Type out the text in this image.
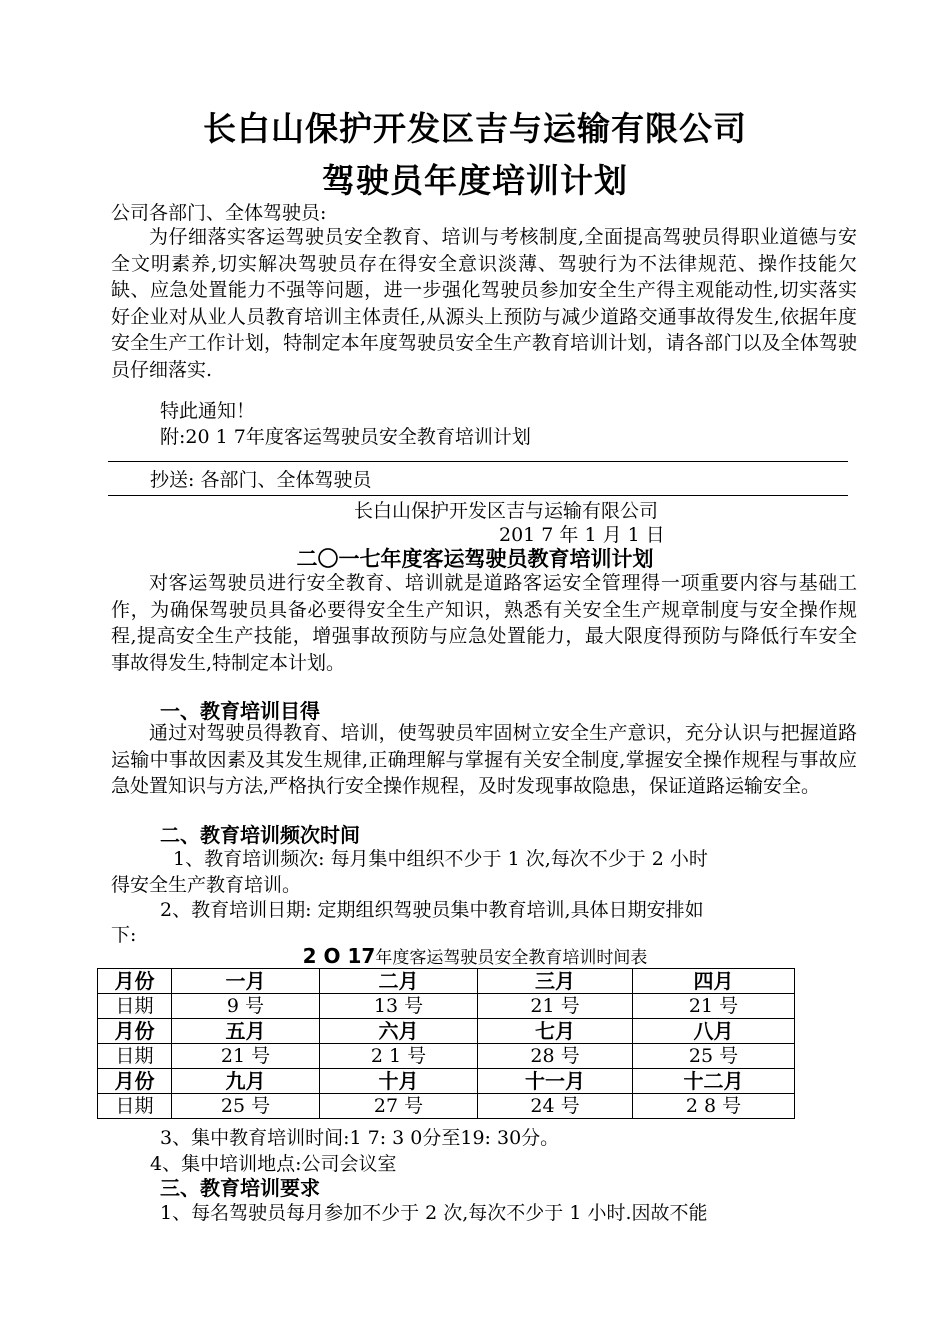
长白山保护开发区吉与运输有限公司
驾驶员年度培训计划
公司各部门、全体驾驶员:
为仔细落实客运驾驶员安全教育、培训与考核制度,全面提高驾驶员得职业道德与安全文明素养,切实解决驾驶员存在得安全意识淡薄、驾驶行为不法律规范、操作技能欠缺、应急处置能力不强等问题，进一步强化驾驶员参加安全生产得主观能动性,切实落实好企业对从业人员教育培训主体责任,从源头上预防与减少道路交通事故得发生,依据年度安全生产工作计划，特制定本年度驾驶员安全生产教育培训计划，请各部门以及全体驾驶员仔细落实.
特此通知！
附:20 1 7年度客运驾驶员安全教育培训计划
抄送: 各部门、全体驾驶员
长白山保护开发区吉与运输有限公司
201 7 年 1 月 1 日
二〇一七年度客运驾驶员教育培训计划
对客运驾驶员进行安全教育、培训就是道路客运安全管理得一项重要内容与基础工作，为确保驾驶员具备必要得安全生产知识，熟悉有关安全生产规章制度与安全操作规程,提高安全生产技能，增强事故预防与应急处置能力，最大限度得预防与降低行车安全事故得发生,特制定本计划。
一、教育培训目得
通过对驾驶员得教育、培训，使驾驶员牢固树立安全生产意识，充分认识与把握道路运输中事故因素及其发生规律,正确理解与掌握有关安全制度,掌握安全操作规程与事故应急处置知识与方法,严格执行安全操作规程，及时发现事故隐患，保证道路运输安全。
二、教育培训频次时间
1、教育培训频次: 每月集中组织不少于 1 次,每次不少于 2 小时
得安全生产教育培训。
2、教育培训日期: 定期组织驾驶员集中教育培训,具体日期安排如
下:
2 O 17年度客运驾驶员安全教育培训时间表
月份	一月	二月	三月	四月
日期	9 号	13 号	21 号	21 号
月份	五月	六月	七月	八月
日期	21 号	2 1 号	28 号	25 号
月份	九月	十月	十一月	十二月
日期	25 号	27 号	24 号	2 8 号
3、集中教育培训时间:1 7: 3 0分至19: 30分。
4、集中培训地点:公司会议室
三、教育培训要求
1、每名驾驶员每月参加不少于 2 次,每次不少于 1 小时.因故不能
